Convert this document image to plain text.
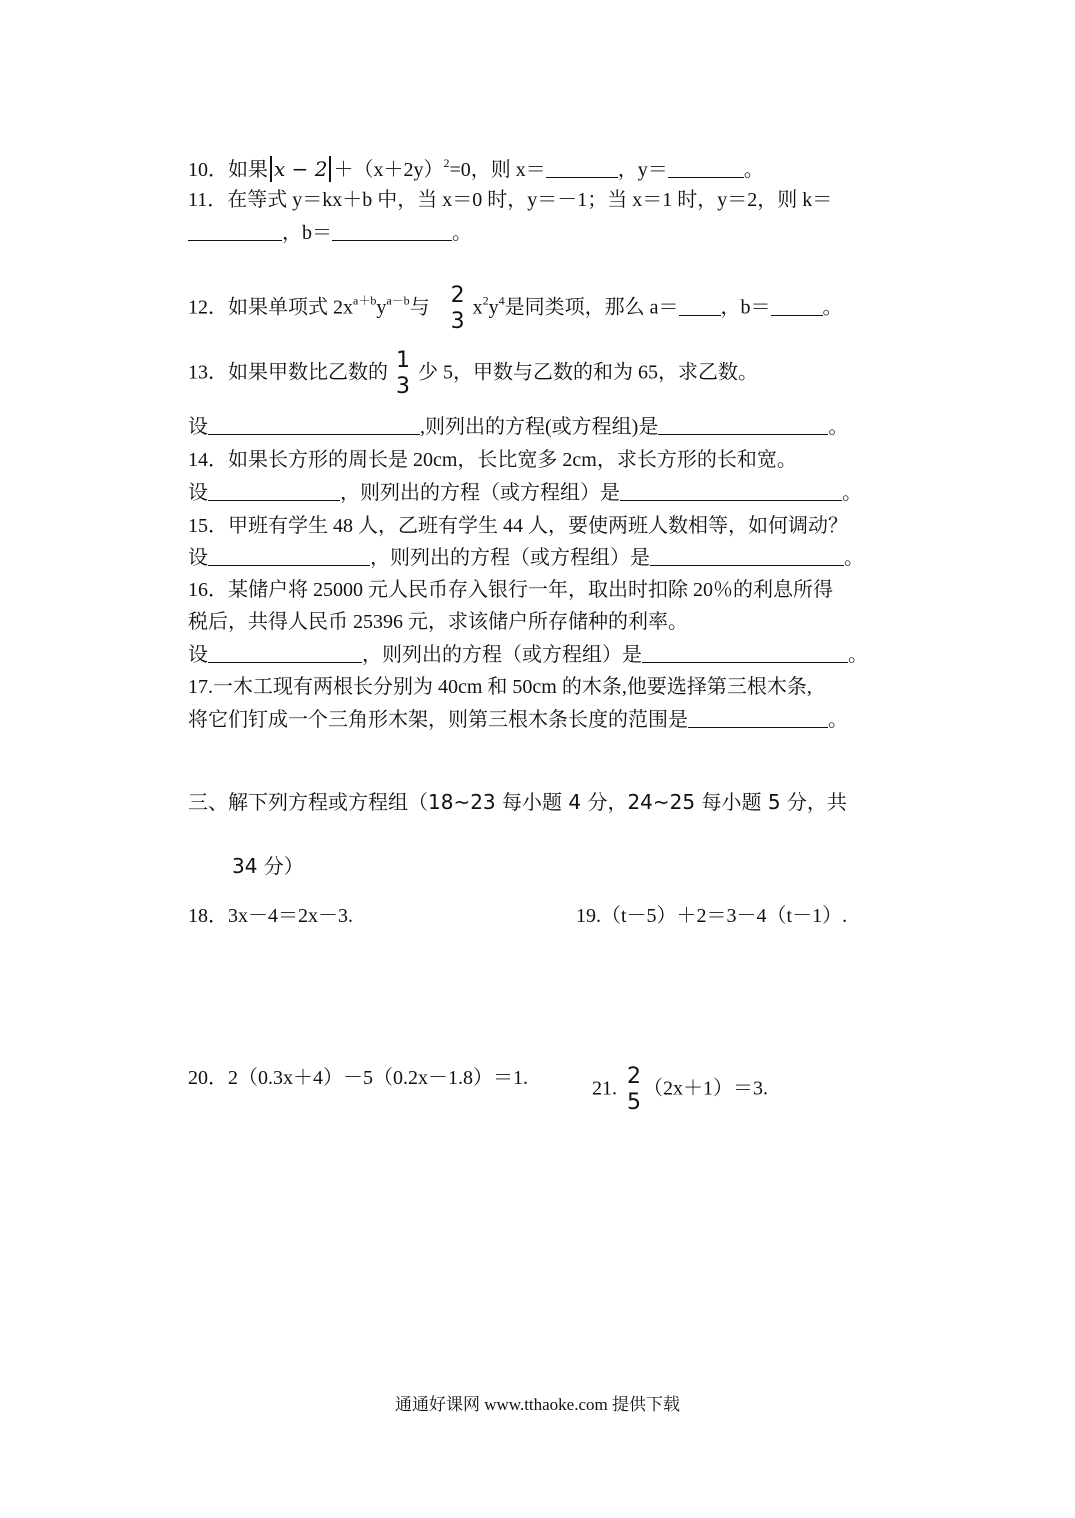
10．如果 $x - 2 +(x+2y)^2=0$，则 x＝	，y＝	。
11．在等式 y＝kx＋b 中，当 x＝0 时，y＝－1；当 x＝1 时，y＝2，则 k＝
，b＝	。
12．如果单项式 $2x^{a+b}y^{a-b}$与 2
3
$x^2y^4$是同类项，那么 a＝ ，b＝	。
13．如果甲数比乙数的 1
3
少 5，甲数与乙数的和为 65，求乙数。
设	,则列出的方程(或方程组)是	。
14．如果长方形的周长是 20cm，长比宽多 2cm，求长方形的长和宽。
设	，则列出的方程（或方程组）是	。
15．甲班有学生 48 人，乙班有学生 44 人，要使两班人数相等，如何调动？
设	，则列出的方程（或方程组）是	。
16．某储户将 25000 元人民币存入银行一年，取出时扣除 20％的利息所得
税后，共得人民币 25396 元，求该储户所存储种的利率。
设	，则列出的方程（或方程组）是	。
17.一木工现有两根长分别为 40cm 和 50cm 的木条,他要选择第三根木条,
将它们钉成一个三角形木架，则第三根木条长度的范围是	。
三、解下列方程或方程组（18~23 每小题 4 分，24~25 每小题 5 分，共
34 分）
18．3x－4＝2x－3.	19.（t－5）＋2＝3－4（t－1）.
20．2（0.3x＋4）－5（0.2x－1.8）＝1.	21. 2
5
（2x＋1）＝3.
通通好课网 www.tthaoke.com 提供下载
